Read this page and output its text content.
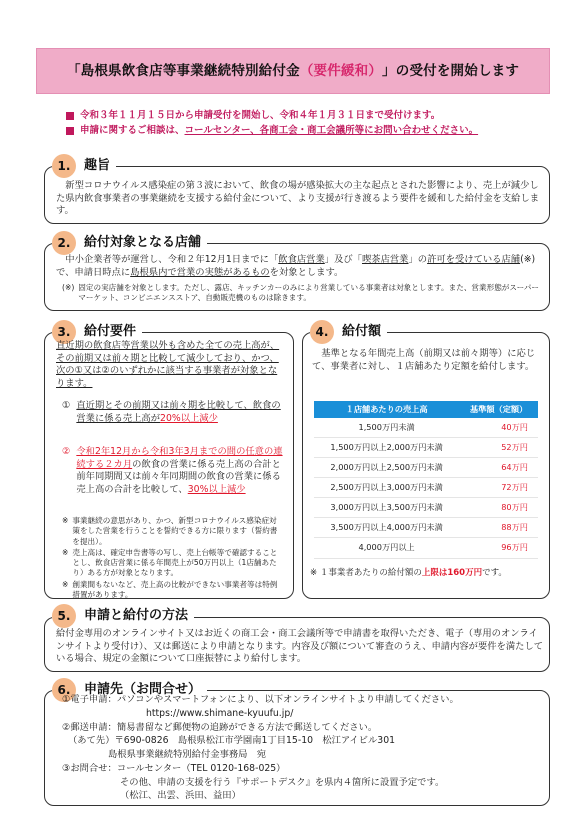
「島根県飲食店等事業継続特別給付金 （要件緩和） 」の受付を開始します
令和３年１１月１５日から申請受付を開始し、令和４年１月３１日まで受付けます。
申請に関するご相談は、コールセンター、各商工会・商工会議所等にお問い合わせください。
1.	趣旨
新型コロナウイルス感染症の第３波において、飲食の場が感染拡大の主な起点とされた影響により、売上が減少した県内飲食事業者の事業継続を支援する給付金について、より支援が行き渡るよう要件を緩和した給付金を支給します。
2.	給付対象となる店舗
中小企業者等が運営し、令和２年12月1日までに「飲食店営業」及び「喫茶店営業」の許可を受けている店舗(※)で、申請日時点に島根県内で営業の実態があるものを対象とします。
(※) 固定の実店舗を対象とします。ただし、露店、キッチンカーのみにより営業している事業者は対象とします。また、営業形態がスーパーマーケット、コンビニエンスストア、自動販売機のものは除きます。
3.	給付要件
直近期の飲食店等営業以外も含めた全ての売上高が、その前期又は前々期と比較して減少しており、かつ、次の①又は②のいずれかに該当する事業者が対象となります。
① 直近期とその前期又は前々期を比較して、飲食の営業に係る売上高が20%以上減少
② 令和2年12月から令和3年3月までの間の任意の連続する２カ月の飲食の営業に係る売上高の合計と前年同期間又は前々年同期間の飲食の営業に係る売上高の合計を比較して、30%以上減少
※ 事業継続の意思があり、かつ、新型コロナウイルス感染症対策をした営業を行うことを誓約できる方に限ります（誓約書を提出）。
※ 売上高は、確定申告書等の写し、売上台帳等で確認することとし、飲食店営業に係る年間売上が50万円以上（1店舗あたり）ある方が対象となります。
※ 創業間もないなど、売上高の比較ができない事業者等は特例措置があります。
4.	給付額
基準となる年間売上高（前期又は前々期等）に応じて、事業者に対し、１店舗あたり定額を給付します。
１店舗あたりの売上高	基準額（定額）
1,500万円未満	40万円
1,500万円以上2,000万円未満	52万円
2,000万円以上2,500万円未満	64万円
2,500万円以上3,000万円未満	72万円
3,000万円以上3,500万円未満	80万円
3,500万円以上4,000万円未満	88万円
4,000万円以上	96万円
※ １事業者あたりの給付額の上限は160万円です。
5.	申請と給付の方法
給付金専用のオンラインサイト又はお近くの商工会・商工会議所等で申請書を取得いただき、電子（専用のオンラインサイトより受付け）、又は郵送により申請となります。内容及び額について審査のうえ、申請内容が要件を満たしている場合、規定の金額について口座振替により給付します。
6.	申請先（お問合せ）
①電子申請：パソコンやスマートフォンにより、以下オンラインサイトより申請してください。
https://www.shimane-kyuufu.jp/
②郵送申請：簡易書留など郵便物の追跡ができる方法で郵送してください。
（あて先）〒690-0826　島根県松江市学園南1丁目15-10　松江アイビル301
島根県事業継続特別給付金事務局　宛
③お問合せ：コールセンター（TEL 0120-168-025）
その他、申請の支援を行う『サポートデスク』を県内４箇所に設置予定です。
（松江、出雲、浜田、益田）
